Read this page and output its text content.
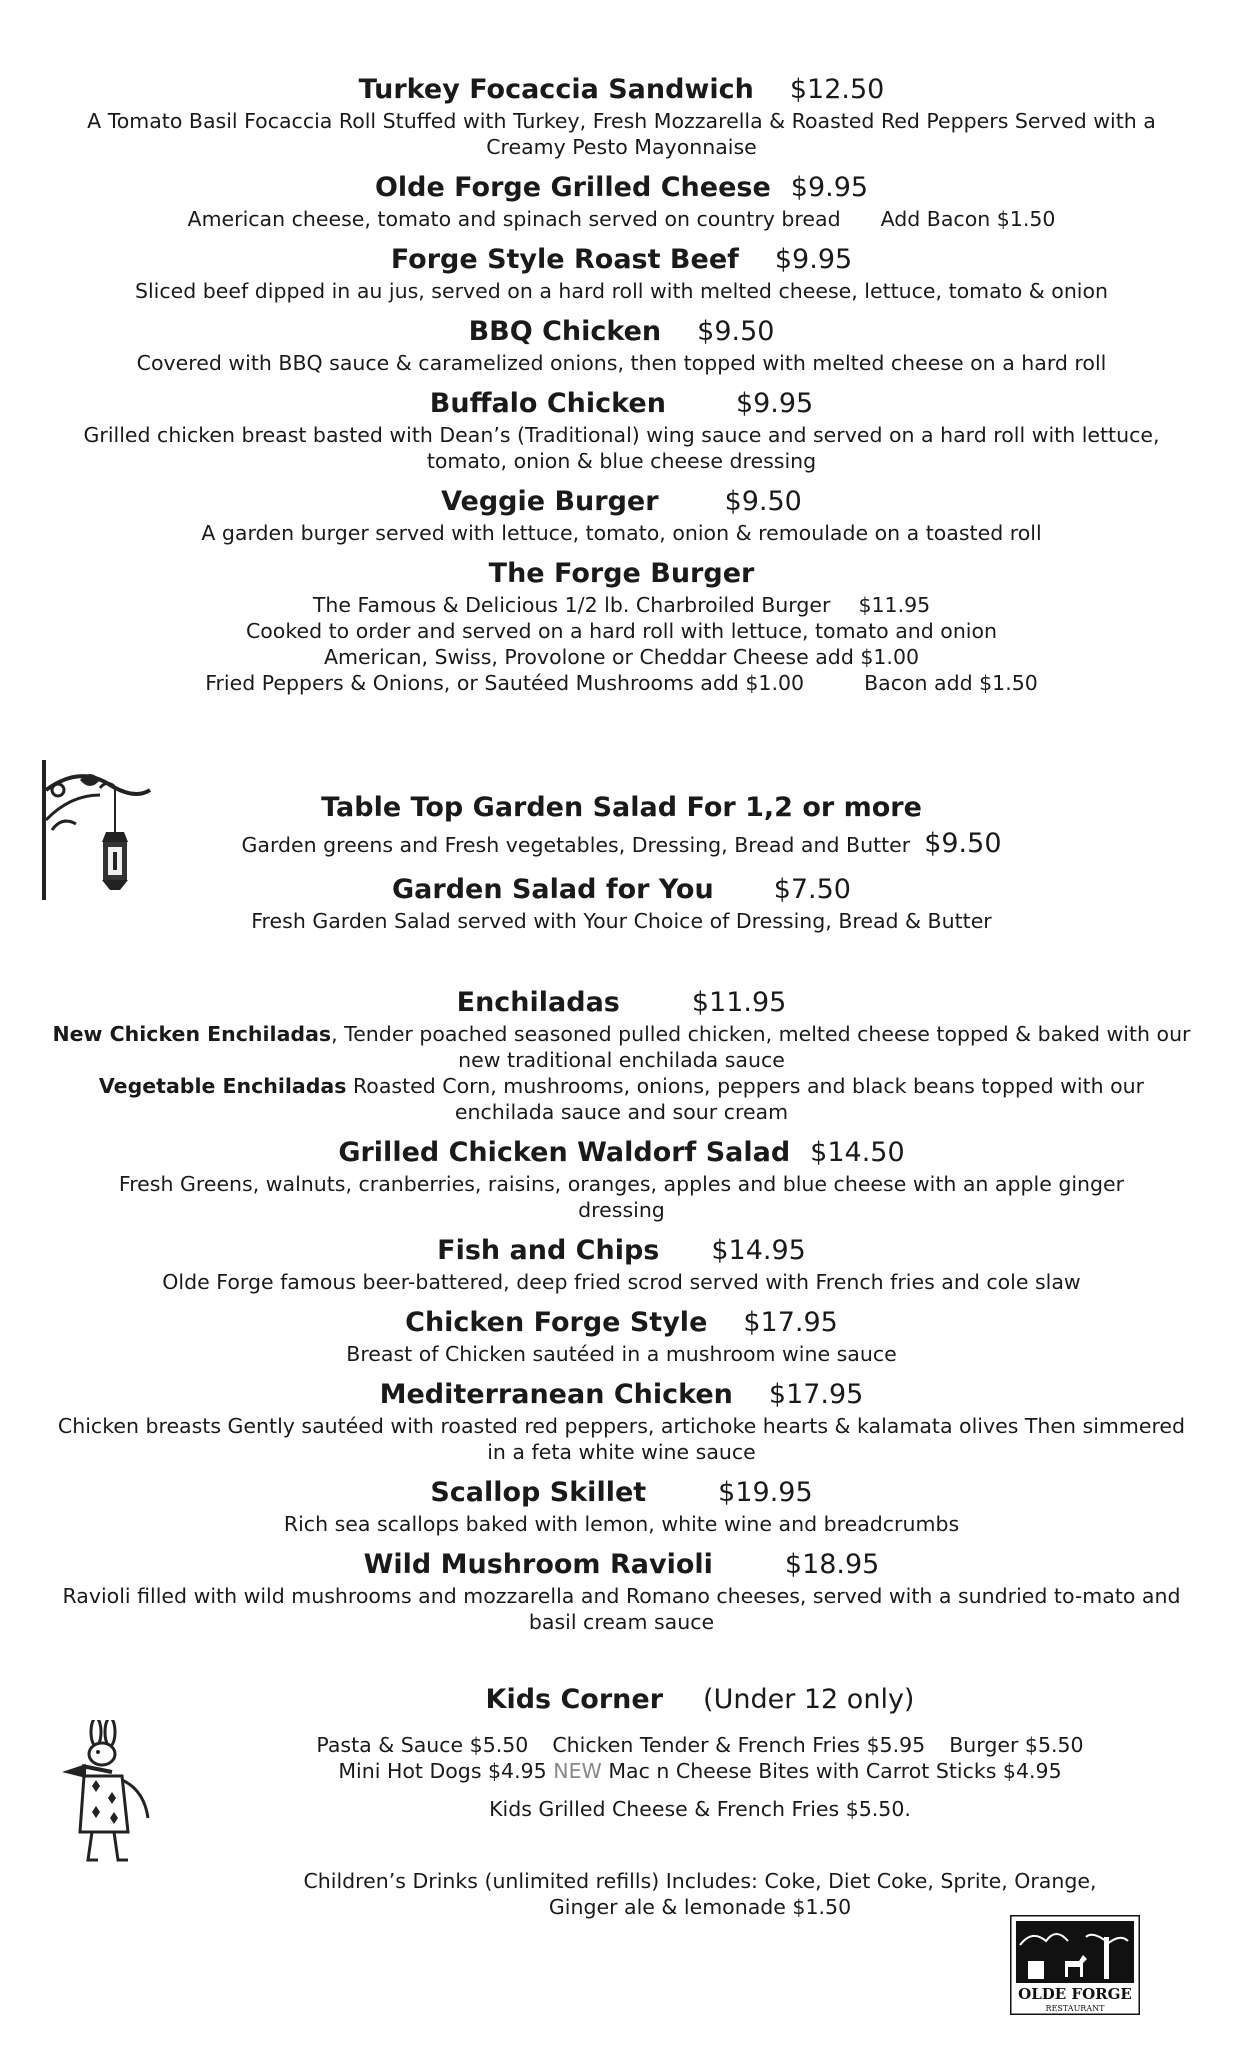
Turkey Focaccia Sandwich $12.50
A Tomato Basil Focaccia Roll Stuffed with Turkey, Fresh Mozzarella & Roasted Red Peppers Served with a Creamy Pesto Mayonnaise
Olde Forge Grilled Cheese $9.95
American cheese, tomato and spinach served on country bread Add Bacon $1.50
Forge Style Roast Beef $9.95
Sliced beef dipped in au jus, served on a hard roll with melted cheese, lettuce, tomato & onion
BBQ Chicken $9.50
Covered with BBQ sauce & caramelized onions, then topped with melted cheese on a hard roll
Buffalo Chicken	$9.95
Grilled chicken breast basted with Dean’s (Traditional) wing sauce and served on a hard roll with lettuce, tomato, onion & blue cheese dressing
Veggie Burger $9.50
A garden burger served with lettuce, tomato, onion & remoulade on a toasted roll
The Forge Burger
The Famous & Delicious 1/2 lb. Charbroiled Burger $11.95
Cooked to order and served on a hard roll with lettuce, tomato and onion
American, Swiss, Provolone or Cheddar Cheese add $1.00
Fried Peppers & Onions, or Sautéed Mushrooms add $1.00	Bacon add $1.50
Table Top Garden Salad For 1,2 or more
Garden greens and Fresh vegetables, Dressing, Bread and Butter $9.50
Garden Salad for You $7.50
Fresh Garden Salad served with Your Choice of Dressing, Bread & Butter
Enchiladas	$11.95
New Chicken Enchiladas, Tender poached seasoned pulled chicken, melted cheese topped & baked with our new traditional enchilada sauce
Vegetable Enchiladas Roasted Corn, mushrooms, onions, peppers and black beans topped with our enchilada sauce and sour cream
Grilled Chicken Waldorf Salad $14.50
Fresh Greens, walnuts, cranberries, raisins, oranges, apples and blue cheese with an apple ginger dressing
Fish and Chips $14.95
Olde Forge famous beer-battered, deep fried scrod served with French fries and cole slaw
Chicken Forge Style $17.95
Breast of Chicken sautéed in a mushroom wine sauce
Mediterranean Chicken $17.95
Chicken breasts Gently sautéed with roasted red peppers, artichoke hearts & kalamata olives Then simmered in a feta white wine sauce
Scallop Skillet	$19.95
Rich sea scallops baked with lemon, white wine and breadcrumbs
Wild Mushroom Ravioli	$18.95
Ravioli filled with wild mushrooms and mozzarella and Romano cheeses, served with a sundried to-mato and basil cream sauce
Kids Corner (Under 12 only)
Pasta & Sauce $5.50 Chicken Tender & French Fries $5.95 Burger $5.50
Mini Hot Dogs $4.95 NEW Mac n Cheese Bites with Carrot Sticks $4.95
Kids Grilled Cheese & French Fries $5.50.
Children’s Drinks (unlimited refills) Includes: Coke, Diet Coke, Sprite, Orange, Ginger ale & lemonade $1.50
OLDE FORGE
RESTAURANT
